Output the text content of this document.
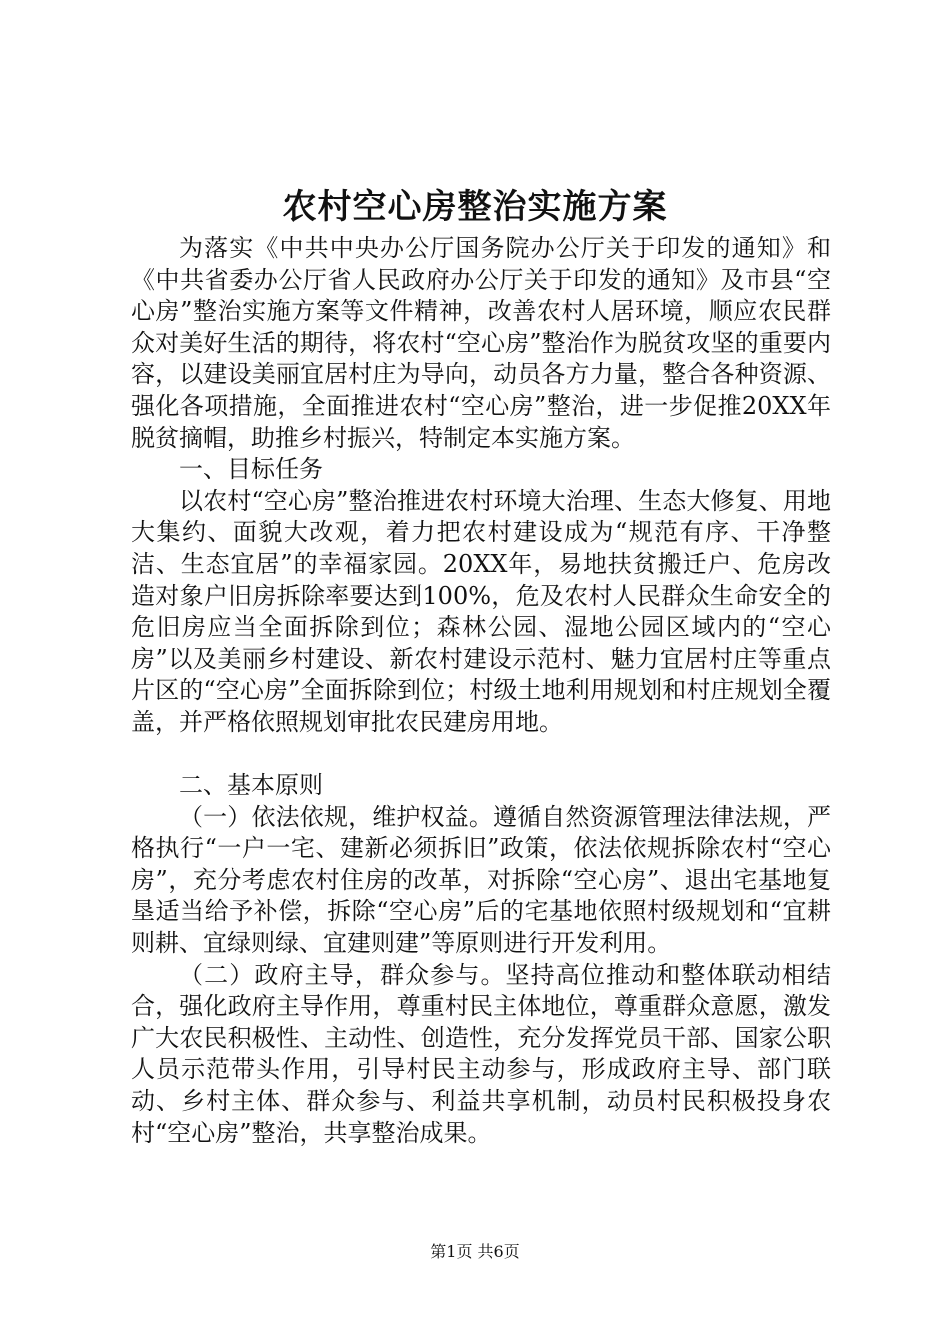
农村空心房整治实施方案

为落实《中共中央办公厅国务院办公厅关于印发的通知》和《中共省委办公厅省人民政府办公厅关于印发的通知》及市县“空心房”整治实施方案等文件精神，改善农村人居环境，顺应农民群众对美好生活的期待，将农村“空心房”整治作为脱贫攻坚的重要内容，以建设美丽宜居村庄为导向，动员各方力量，整合各种资源、强化各项措施，全面推进农村“空心房”整治，进一步促推20XX年脱贫摘帽，助推乡村振兴，特制定本实施方案。

一、目标任务

以农村“空心房”整治推进农村环境大治理、生态大修复、用地大集约、面貌大改观，着力把农村建设成为“规范有序、干净整洁、生态宜居”的幸福家园。20XX年，易地扶贫搬迁户、危房改造对象户旧房拆除率要达到100%，危及农村人民群众生命安全的危旧房应当全面拆除到位；森林公园、湿地公园区域内的“空心房”以及美丽乡村建设、新农村建设示范村、魅力宜居村庄等重点片区的“空心房”全面拆除到位；村级土地利用规划和村庄规划全覆盖，并严格依照规划审批农民建房用地。

二、基本原则

（一）依法依规，维护权益。遵循自然资源管理法律法规，严格执行“一户一宅、建新必须拆旧”政策，依法依规拆除农村“空心房”，充分考虑农村住房的改革，对拆除“空心房”、退出宅基地复垦适当给予补偿，拆除“空心房”后的宅基地依照村级规划和“宜耕则耕、宜绿则绿、宜建则建”等原则进行开发利用。

（二）政府主导，群众参与。坚持高位推动和整体联动相结合，强化政府主导作用，尊重村民主体地位，尊重群众意愿，激发广大农民积极性、主动性、创造性，充分发挥党员干部、国家公职人员示范带头作用，引导村民主动参与，形成政府主导、部门联动、乡村主体、群众参与、利益共享机制，动员村民积极投身农村“空心房”整治，共享整治成果。

第1页 共6页
